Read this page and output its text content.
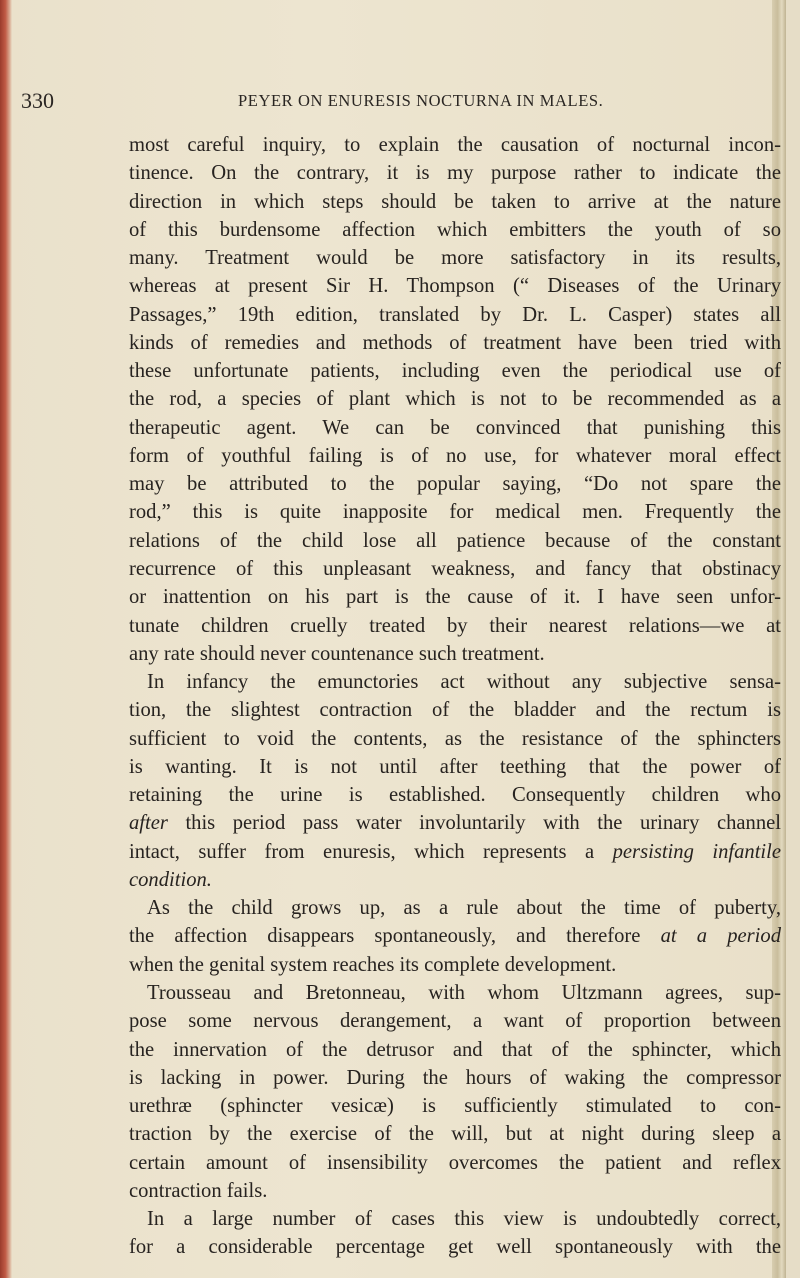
330	PEYER ON ENURESIS NOCTURNA IN MALES.
most careful inquiry, to explain the causation of nocturnal incon-
tinence. On the contrary, it is my purpose rather to indicate the
direction in which steps should be taken to arrive at the nature
of this burdensome affection which embitters the youth of so
many. Treatment would be more satisfactory in its results,
whereas at present Sir H. Thompson (“ Diseases of the Urinary
Passages,” 19th edition, translated by Dr. L. Casper) states all
kinds of remedies and methods of treatment have been tried with
these unfortunate patients, including even the periodical use of
the rod, a species of plant which is not to be recommended as a
therapeutic agent. We can be convinced that punishing this
form of youthful failing is of no use, for whatever moral effect
may be attributed to the popular saying, “Do not spare the
rod,” this is quite inapposite for medical men. Frequently the
relations of the child lose all patience because of the constant
recurrence of this unpleasant weakness, and fancy that obstinacy
or inattention on his part is the cause of it. I have seen unfor-
tunate children cruelly treated by their nearest relations—we at
any rate should never countenance such treatment.
In infancy the emunctories act without any subjective sensa-
tion, the slightest contraction of the bladder and the rectum is
sufficient to void the contents, as the resistance of the sphincters
is wanting. It is not until after teething that the power of
retaining the urine is established. Consequently children who
after this period pass water involuntarily with the urinary channel
intact, suffer from enuresis, which represents a persisting infantile
condition.
As the child grows up, as a rule about the time of puberty,
the affection disappears spontaneously, and therefore at a period
when the genital system reaches its complete development.
Trousseau and Bretonneau, with whom Ultzmann agrees, sup-
pose some nervous derangement, a want of proportion between
the innervation of the detrusor and that of the sphincter, which
is lacking in power. During the hours of waking the compressor
urethræ (sphincter vesicæ) is sufficiently stimulated to con-
traction by the exercise of the will, but at night during sleep a
certain amount of insensibility overcomes the patient and reflex
contraction fails.
In a large number of cases this view is undoubtedly correct,
for a considerable percentage get well spontaneously with the
